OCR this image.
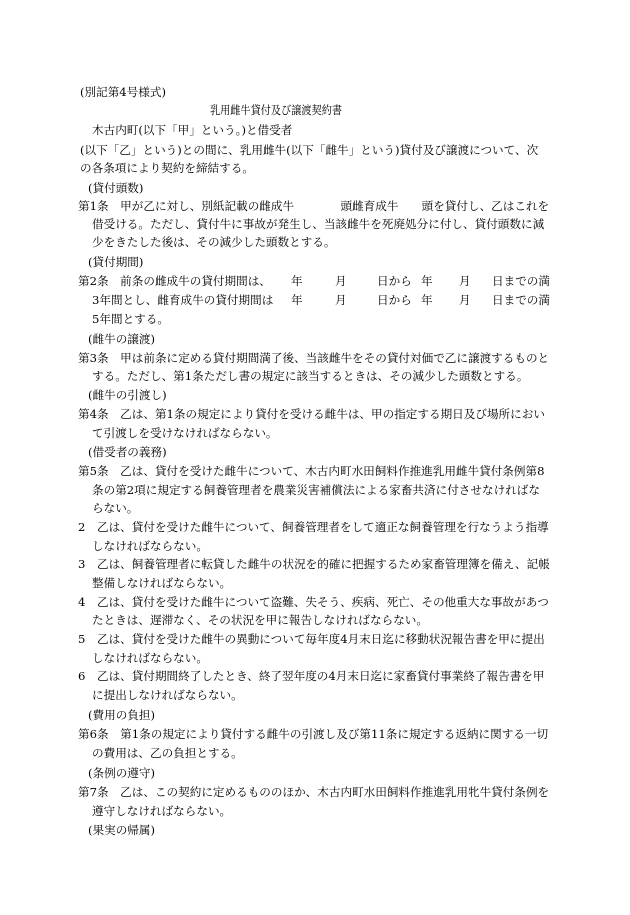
(別記第4号様式)
乳用雌牛貸付及び譲渡契約書
木古内町(以下「甲」という。)と借受者
(以下「乙」という)との間に、乳用雌牛(以下「雌牛」という)貸付及び譲渡について、次
の各条項により契約を締結する。
(貸付頭数)
第1条　甲が乙に対し、別紙記載の雌成牛　　　　頭雌育成牛　　頭を貸付し、乙はこれを
借受ける。ただし、貸付牛に事故が発生し、当該雌牛を死廃処分に付し、貸付頭数に減
少をきたした後は、その減少した頭数とする。
(貸付期間)
第2条　前条の雌成牛の貸付期間は、 年	月	日から 年 月 日までの満
3年間とし、雌育成牛の貸付期間は 年	月	日から 年 月 日までの満
5年間とする。
(雌牛の譲渡)
第3条　甲は前条に定める貸付期間満了後、当該雌牛をその貸付対価で乙に譲渡するものと
する。ただし、第1条ただし書の規定に該当するときは、その減少した頭数とする。
(雌牛の引渡し)
第4条　乙は、第1条の規定により貸付を受ける雌牛は、甲の指定する期日及び場所におい
て引渡しを受けなければならない。
(借受者の義務)
第5条　乙は、貸付を受けた雌牛について、木古内町水田飼料作推進乳用雌牛貸付条例第8
条の第2項に規定する飼養管理者を農業災害補償法による家畜共済に付させなければな
らない。
2　乙は、貸付を受けた雌牛について、飼養管理者をして適正な飼養管理を行なうよう指導
しなければならない。
3　乙は、飼養管理者に転貸した雌牛の状況を的確に把握するため家畜管理簿を備え、記帳
整備しなければならない。
4　乙は、貸付を受けた雌牛について盗難、失そう、疾病、死亡、その他重大な事故があつ
たときは、遅滞なく、その状況を甲に報告しなければならない。
5　乙は、貸付を受けた雌牛の異動について毎年度4月末日迄に移動状況報告書を甲に提出
しなければならない。
6　乙は、貸付期間終了したとき、終了翌年度の4月末日迄に家畜貸付事業終了報告書を甲
に提出しなければならない。
(費用の負担)
第6条　第1条の規定により貸付する雌牛の引渡し及び第11条に規定する返納に関する一切
の費用は、乙の負担とする。
(条例の遵守)
第7条　乙は、この契約に定めるもののほか、木古内町水田飼料作推進乳用牝牛貸付条例を
遵守しなければならない。
(果実の帰属)
